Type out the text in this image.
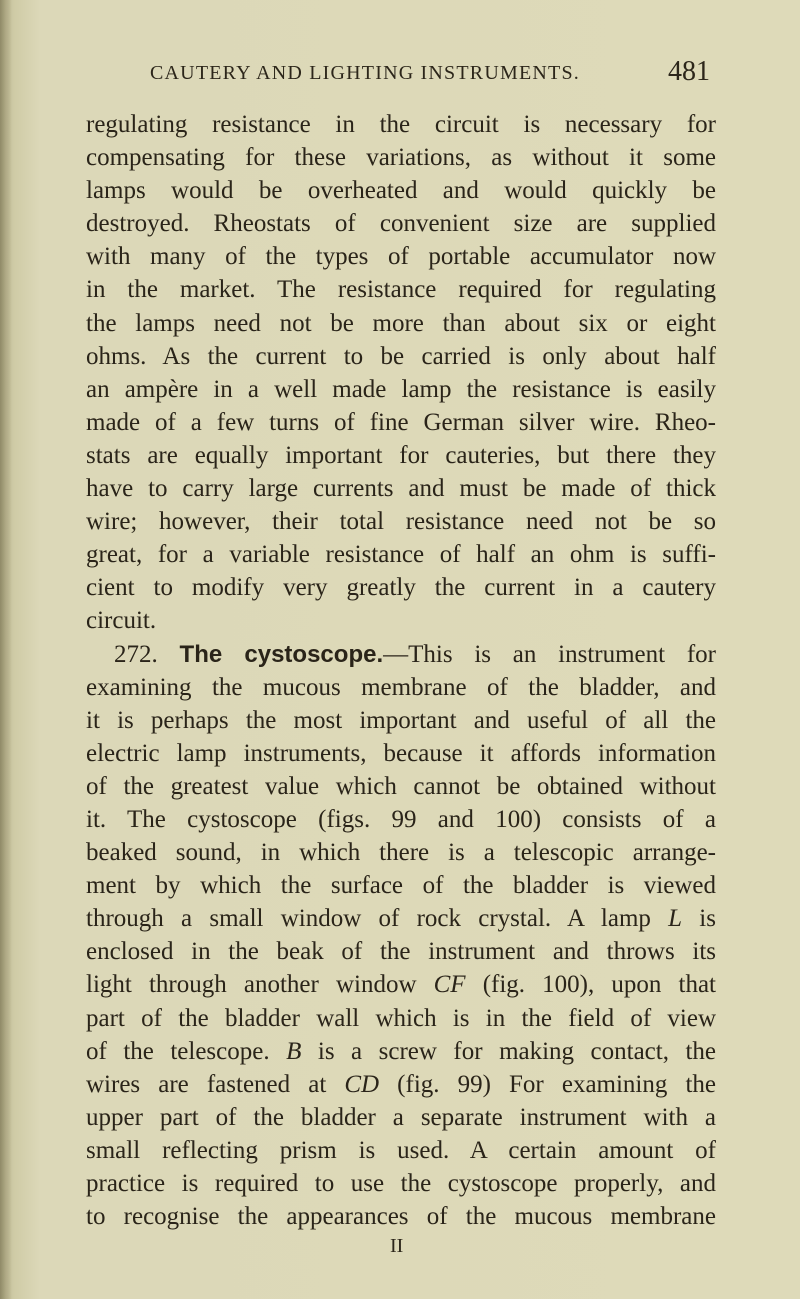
CAUTERY AND LIGHTING INSTRUMENTS.	481
regulating resistance in the circuit is necessary for
compensating for these variations, as without it some
lamps would be overheated and would quickly be
destroyed. Rheostats of convenient size are supplied
with many of the types of portable accumulator now
in the market. The resistance required for regulating
the lamps need not be more than about six or eight
ohms. As the current to be carried is only about half
an ampère in a well made lamp the resistance is easily
made of a few turns of fine German silver wire. Rheo-
stats are equally important for cauteries, but there they
have to carry large currents and must be made of thick
wire; however, their total resistance need not be so
great, for a variable resistance of half an ohm is suffi-
cient to modify very greatly the current in a cautery
circuit.
272. The cystoscope.—This is an instrument for
examining the mucous membrane of the bladder, and
it is perhaps the most important and useful of all the
electric lamp instruments, because it affords information
of the greatest value which cannot be obtained without
it. The cystoscope (figs. 99 and 100) consists of a
beaked sound, in which there is a telescopic arrange-
ment by which the surface of the bladder is viewed
through a small window of rock crystal. A lamp L is
enclosed in the beak of the instrument and throws its
light through another window CF (fig. 100), upon that
part of the bladder wall which is in the field of view
of the telescope. B is a screw for making contact, the
wires are fastened at CD (fig. 99) For examining the
upper part of the bladder a separate instrument with a
small reflecting prism is used. A certain amount of
practice is required to use the cystoscope properly, and
to recognise the appearances of the mucous membrane
II
